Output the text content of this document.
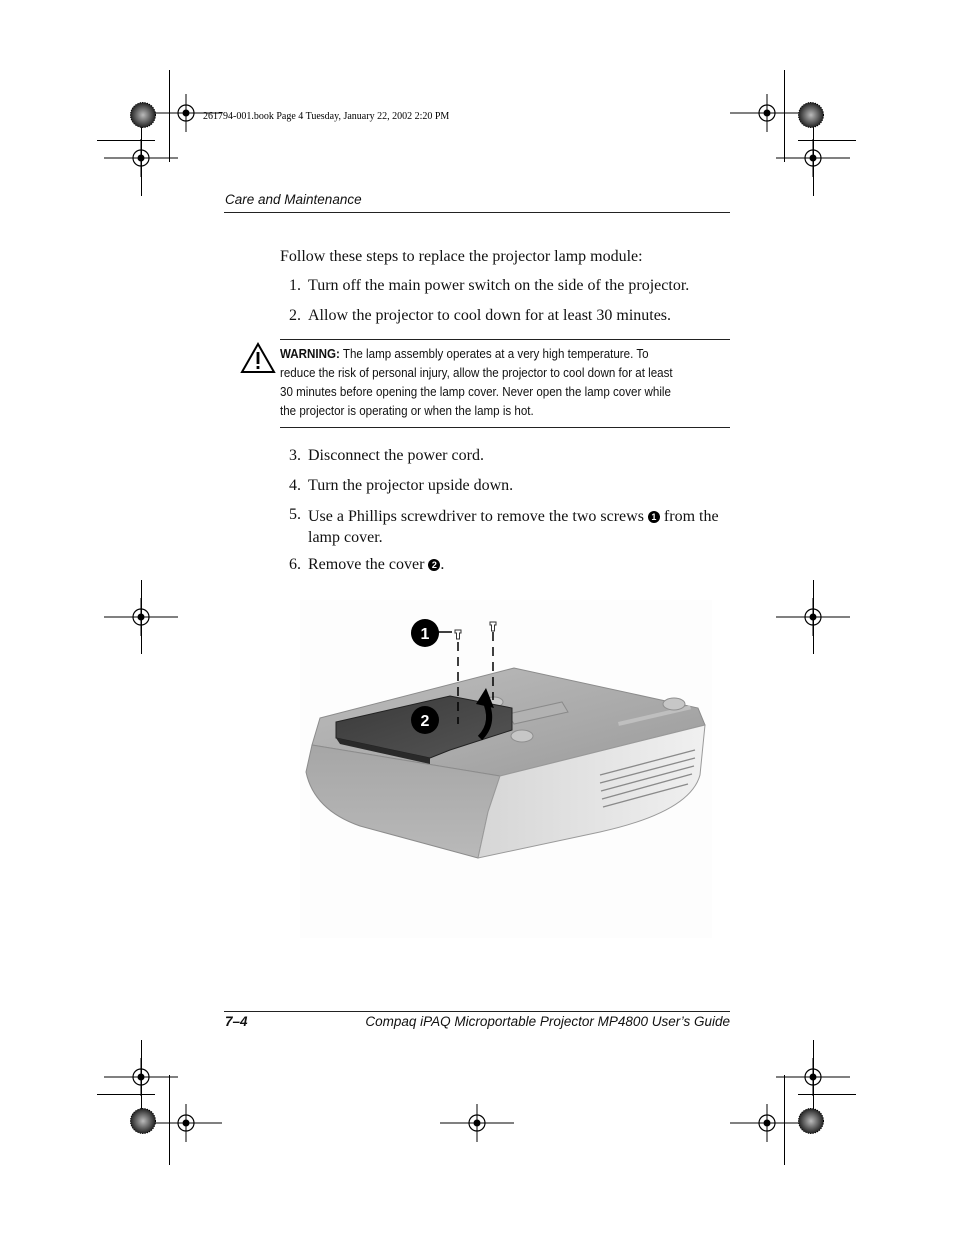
261794-001.book Page 4 Tuesday, January 22, 2002 2:20 PM
Care and Maintenance
Follow these steps to replace the projector lamp module:
1. Turn off the main power switch on the side of the projector.
2. Allow the projector to cool down for at least 30 minutes.
WARNING: The lamp assembly operates at a very high temperature. To reduce the risk of personal injury, allow the projector to cool down for at least 30 minutes before opening the lamp cover. Never open the lamp cover while the projector is operating or when the lamp is hot.
3. Disconnect the power cord.
4. Turn the projector upside down.
5. Use a Phillips screwdriver to remove the two screws 1 from the lamp cover.
6. Remove the cover 2 .
1
2
7–4	Compaq iPAQ Microportable Projector MP4800 User’s Guide
